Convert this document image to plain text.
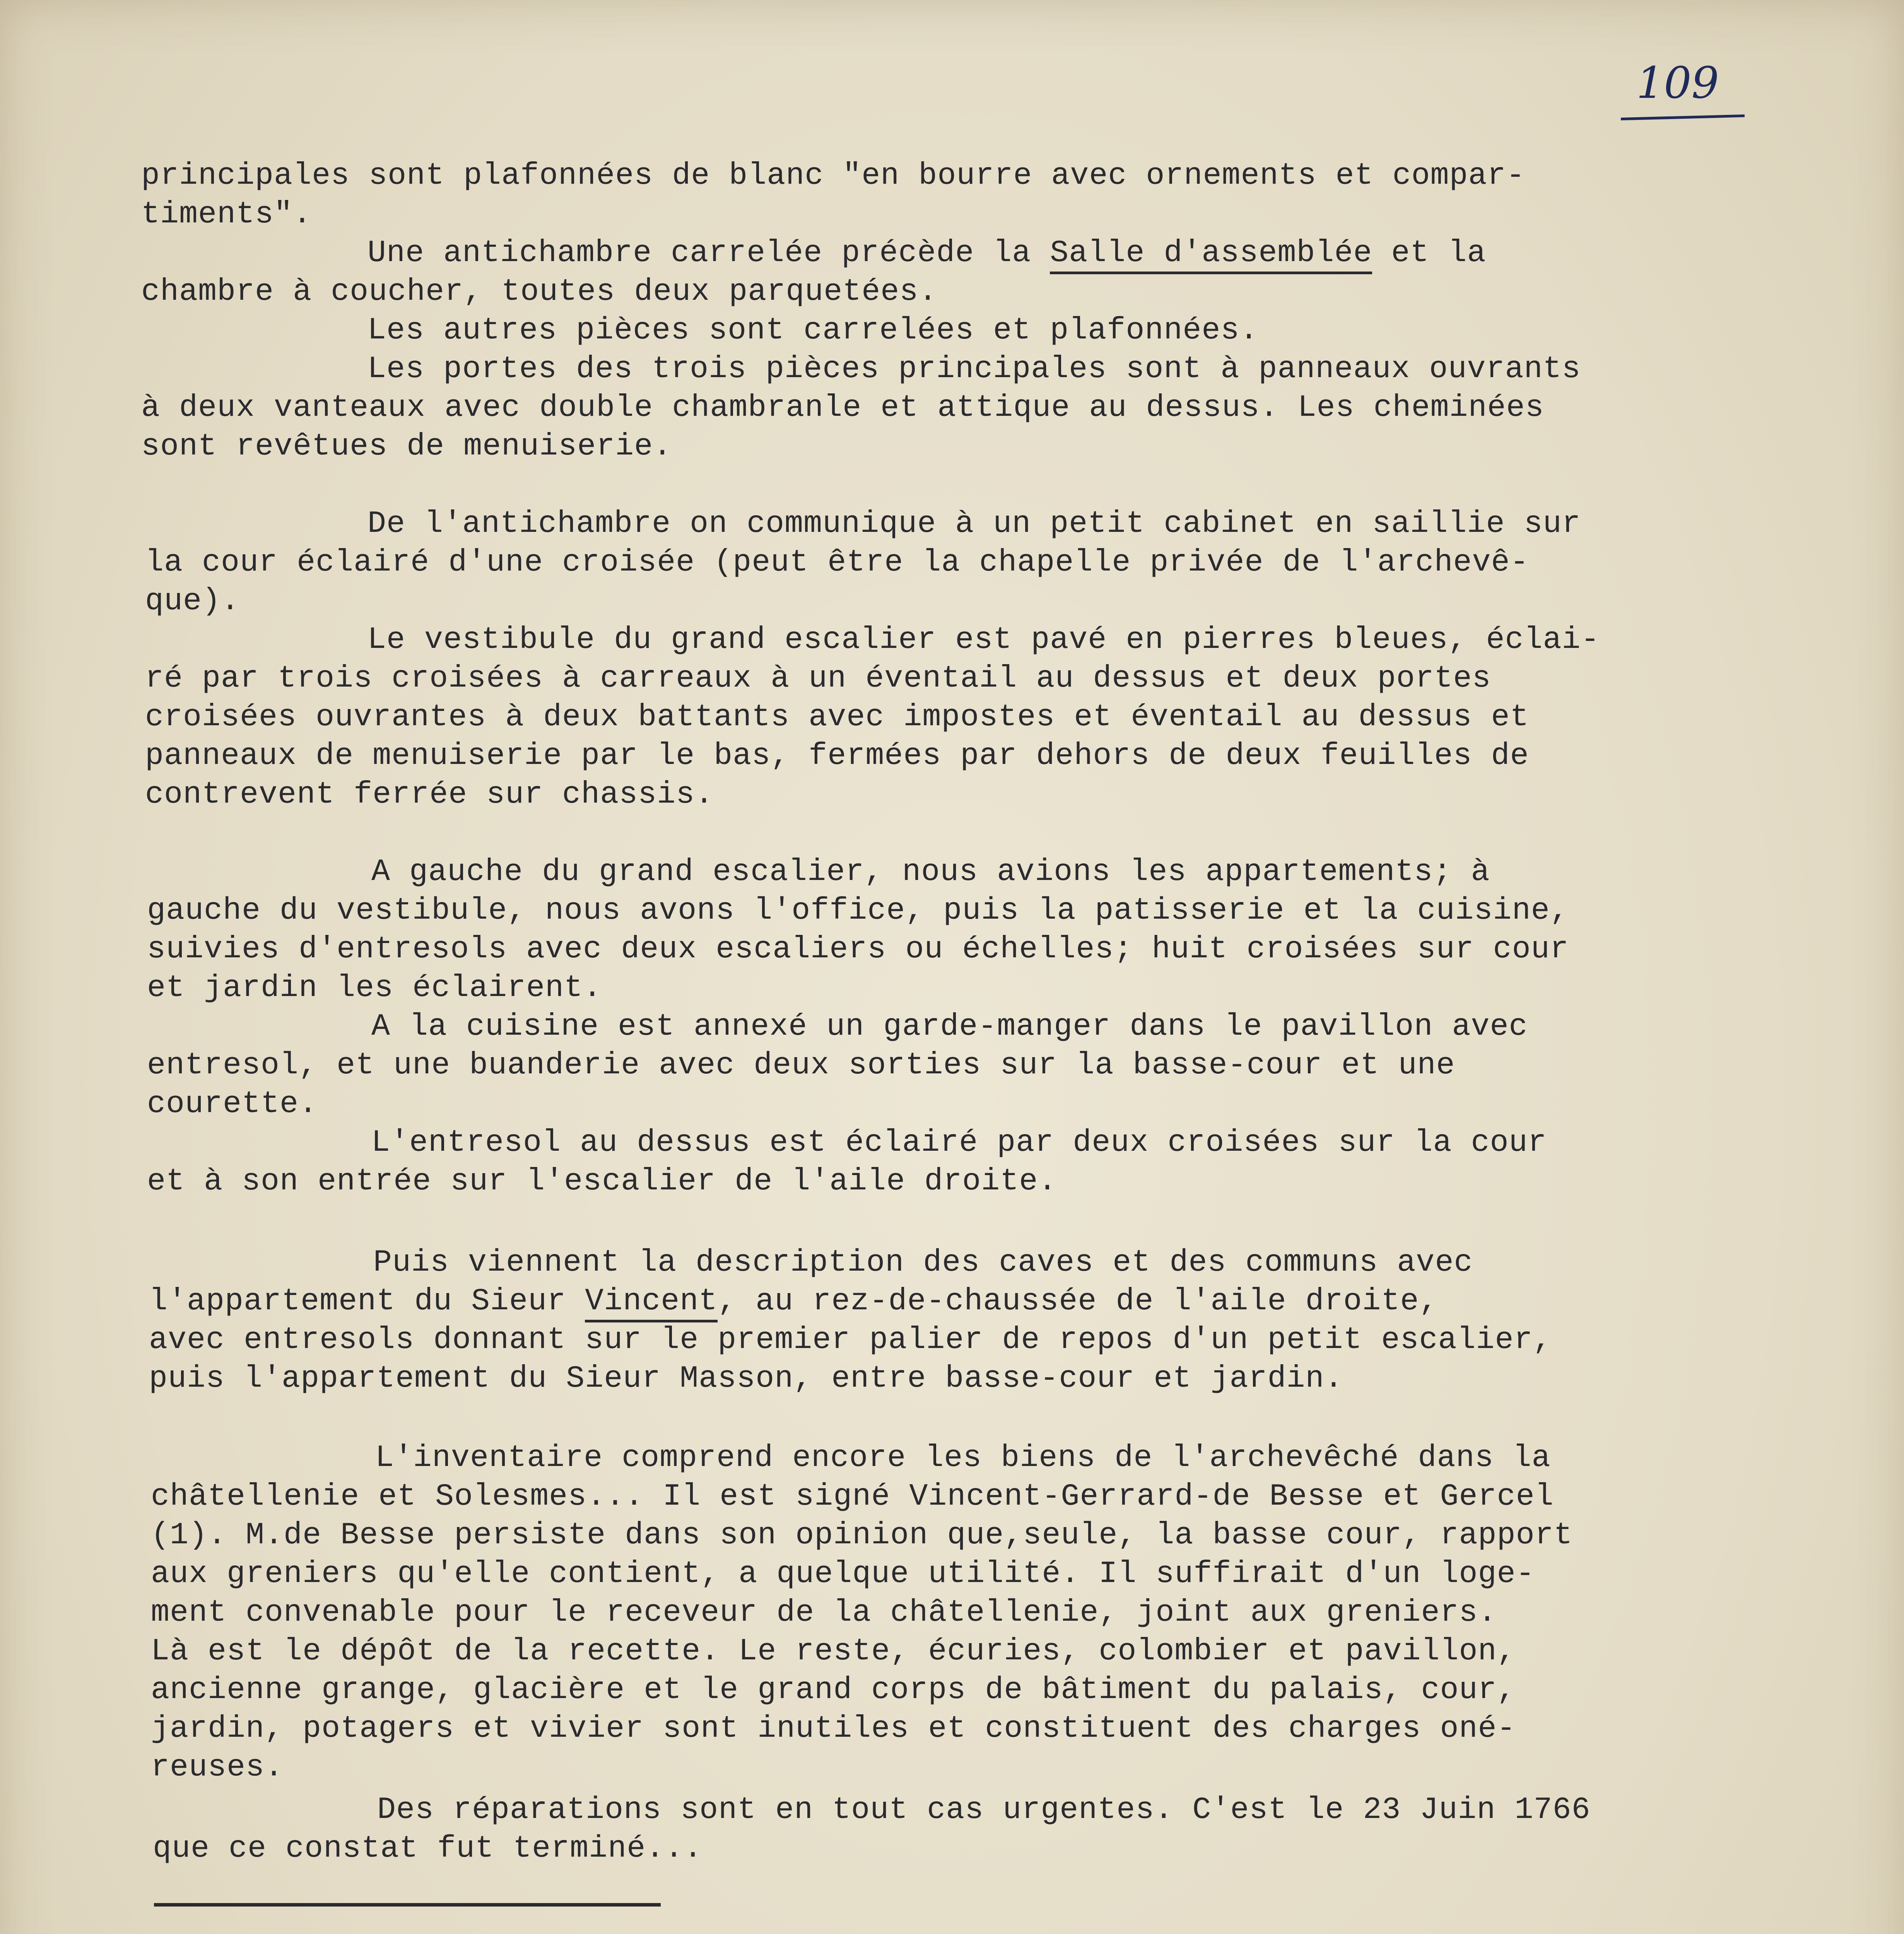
109
principales sont plafonnées de blanc "en bourre avec ornements et compar-
timents".
Une antichambre carrelée précède la Salle d'assemblée et la
chambre à coucher, toutes deux parquetées.
Les autres pièces sont carrelées et plafonnées.
Les portes des trois pièces principales sont à panneaux ouvrants
à deux vanteaux avec double chambranle et attique au dessus. Les cheminées
sont revêtues de menuiserie.
De l'antichambre on communique à un petit cabinet en saillie sur
la cour éclairé d'une croisée (peut être la chapelle privée de l'archevê-
que).
Le vestibule du grand escalier est pavé en pierres bleues, éclai-
ré par trois croisées à carreaux à un éventail au dessus et deux portes
croisées ouvrantes à deux battants avec impostes et éventail au dessus et
panneaux de menuiserie par le bas, fermées par dehors de deux feuilles de
contrevent ferrée sur chassis.
A gauche du grand escalier, nous avions les appartements; à
gauche du vestibule, nous avons l'office, puis la patisserie et la cuisine,
suivies d'entresols avec deux escaliers ou échelles; huit croisées sur cour
et jardin les éclairent.
A la cuisine est annexé un garde-manger dans le pavillon avec
entresol, et une buanderie avec deux sorties sur la basse-cour et une
courette.
L'entresol au dessus est éclairé par deux croisées sur la cour
et à son entrée sur l'escalier de l'aile droite.
Puis viennent la description des caves et des communs avec
l'appartement du Sieur Vincent, au rez-de-chaussée de l'aile droite,
avec entresols donnant sur le premier palier de repos d'un petit escalier,
puis l'appartement du Sieur Masson, entre basse-cour et jardin.
L'inventaire comprend encore les biens de l'archevêché dans la
châtellenie et Solesmes... Il est signé Vincent-Gerrard-de Besse et Gercel
(1). M.de Besse persiste dans son opinion que,seule, la basse cour, rapport
aux greniers qu'elle contient, a quelque utilité. Il suffirait d'un loge-
ment convenable pour le receveur de la châtellenie, joint aux greniers.
Là est le dépôt de la recette. Le reste, écuries, colombier et pavillon,
ancienne grange, glacière et le grand corps de bâtiment du palais, cour,
jardin, potagers et vivier sont inutiles et constituent des charges oné-
reuses.
Des réparations sont en tout cas urgentes. C'est le 23 Juin 1766
que ce constat fut terminé...
